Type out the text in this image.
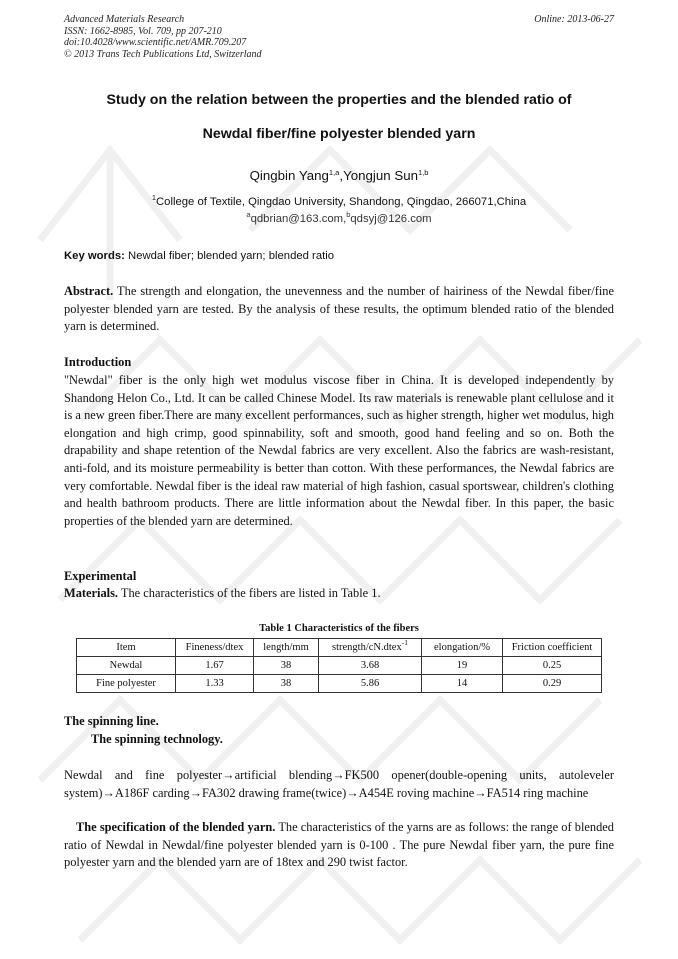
Advanced Materials Research
ISSN: 1662-8985, Vol. 709, pp 207-210
doi:10.4028/www.scientific.net/AMR.709.207
© 2013 Trans Tech Publications Ltd, Switzerland
Online: 2013-06-27
Study on the relation between the properties and the blended ratio of
Newdal fiber/fine polyester blended yarn
Qingbin Yang$^{1,a}$,Yongjun Sun$^{1,b}$
$^1$College of Textile, Qingdao University, Shandong, Qingdao, 266071,China
$^a$qdbrian@163.com,$^b$qdsyj@126.com
Key words: Newdal fiber; blended yarn; blended ratio
Abstract. The strength and elongation, the unevenness and the number of hairiness of the Newdal fiber/fine polyester blended yarn are tested. By the analysis of these results, the optimum blended ratio of the blended yarn is determined.
Introduction
"Newdal" fiber is the only high wet modulus viscose fiber in China. It is developed independently by Shandong Helon Co., Ltd. It can be called Chinese Model. Its raw materials is renewable plant cellulose and it is a new green fiber.There are many excellent performances, such as higher strength, higher wet modulus, high elongation and high crimp, good spinnability, soft and smooth, good hand feeling and so on. Both the drapability and shape retention of the Newdal fabrics are very excellent. Also the fabrics are wash-resistant, anti-fold, and its moisture permeability is better than cotton. With these performances, the Newdal fabrics are very comfortable. Newdal fiber is the ideal raw material of high fashion, casual sportswear, children's clothing and health bathroom products. There are little information about the Newdal fiber. In this paper, the basic properties of the blended yarn are determined.
Experimental
Materials. The characteristics of the fibers are listed in Table 1.
Table 1 Characteristics of the fibers
Item	Fineness/dtex	length/mm	strength/cN.dtex$^{-1}$	elongation/%	Friction coefficient
Newdal	1.67	38	3.68	19	0.25
Fine polyester	1.33	38	5.86	14	0.29
The spinning line.
The spinning technology.
Newdal and fine polyester→artificial blending→FK500 opener(double-opening units, autoleveler system)→A186F carding→FA302 drawing frame(twice)→A454E roving machine→FA514 ring machine
The specification of the blended yarn. The characteristics of the yarns are as follows: the range of blended ratio of Newdal in Newdal/fine polyester blended yarn is 0-100 . The pure Newdal fiber yarn, the pure fine polyester yarn and the blended yarn are of 18tex and 290 twist factor.
